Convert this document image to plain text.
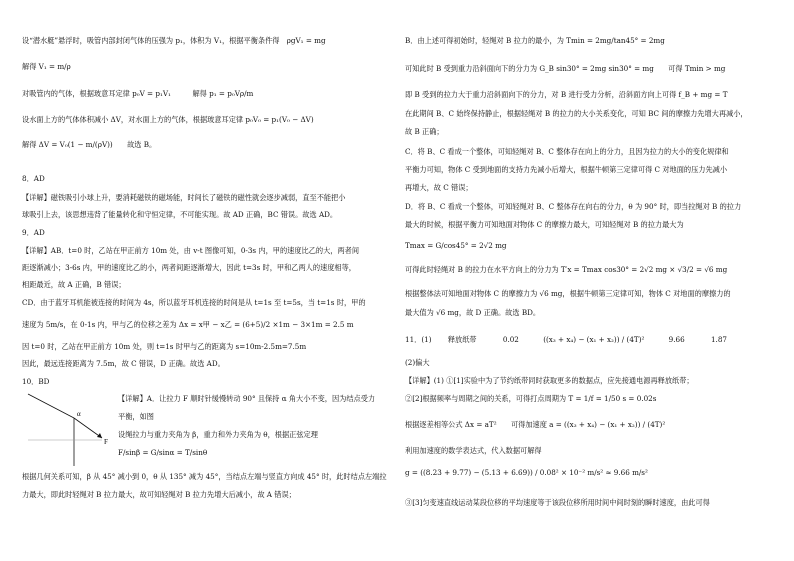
设“潜水艇”悬浮时，吸管内部封闭气体的压强为 p₁，体积为 V₁，根据平衡条件得　ρgV₁ = mg
解得 V₁ = m/ρ
对吸管内的气体，根据玻意耳定律 p₀V = p₁V₁　　　解得 p₁ = p₀Vρ/m
设水面上方的气体体积减小 ΔV，对水面上方的气体，根据玻意耳定律 p₀V₀ = p₁(V₀ − ΔV)
解得 ΔV = V₀(1 − m/(ρV))　　故选 B。
8．AD
【详解】磁铁吸引小球上升，要消耗磁铁的磁场能，时间长了磁铁的磁性就会逐步减弱，直至不能把小
球吸引上去，该思想违背了能量转化和守恒定律，不可能实现。故 AD 正确，BC 错误。故选 AD。
9．AD
【详解】AB．t=0 时，乙站在甲正前方 10m 处，由 v-t 图像可知，0-3s 内，甲的速度比乙的大，两者间
距逐渐减小；3-6s 内，甲的速度比乙的小，两者间距逐渐增大，因此 t=3s 时，甲和乙两人的速度相等，
相距最近，故 A 正确，B 错误；
CD．由于蓝牙耳机能被连接的时间为 4s，所以蓝牙耳机连接的时间是从 t=1s 至 t=5s，当 t=1s 时，甲的
速度为 5m/s，在 0-1s 内，甲与乙的位移之差为 Δx = x甲 − x乙 = (6+5)/2 ×1m − 3×1m = 2.5 m
因 t=0 时，乙站在甲正前方 10m 处，则 t=1s 时甲与乙的距离为 s=10m-2.5m=7.5m
因此，最远连接距离为 7.5m，故 C 错误，D 正确。故选 AD。
10．BD
α
F
【详解】A．让拉力 F 顺时针缓慢转动 90° 且保持 α 角大小不变，因为结点受力
平衡，如图
设绳拉力与重力夹角为 β，重力和外力夹角为 θ，根据正弦定理
F/sinβ = G/sinα = T/sinθ
根据几何关系可知，β 从 45° 减小到 0，θ 从 135° 减为 45°，当结点左端与竖直方向成 45° 时，此时结点左端拉
力最大，即此时轻绳对 B 拉力最大，故可知轻绳对 B 拉力先增大后减小，故 A 错误；
B．由上述可得初始时，轻绳对 B 拉力的最小，为 Tmin = 2mg/tan45° = 2mg
可知此时 B 受到重力沿斜面向下的分力为 G_B sin30° = 2mg sin30° = mg　　可得 Tmin > mg
即 B 受到的拉力大于重力沿斜面向下的分力，对 B 进行受力分析，沿斜面方向上可得 f_B + mg = T
在此期间 B、C 始终保持静止，根据轻绳对 B 的拉力的大小关系变化，可知 BC 间的摩擦力先增大再减小，
故 B 正确；
C．将 B、C 看成一个整体，可知轻绳对 B、C 整体存在向上的分力，且因为拉力的大小的变化规律和
平衡力可知，物体 C 受到地面的支持力先减小后增大，根据牛顿第三定律可得 C 对地面的压力先减小
再增大，故 C 错误；
D．将 B、C 看成一个整体，可知轻绳对 B、C 整体存在向右的分力，θ 为 90° 时，即当拉绳对 B 的拉力
最大的时候，根据平衡力可知地面对物体 C 的摩擦力最大，可知轻绳对 B 的拉力最大为
Tmax = G/cos45° = 2√2 mg
可得此时轻绳对 B 的拉力在水平方向上的分力为 T′x = Tmax cos30° = 2√2 mg × √3/2 = √6 mg
根据整体法可知地面对物体 C 的摩擦力为 √6 mg，根据牛顿第三定律可知，物体 C 对地面的摩擦力的
最大值为 √6 mg，故 D 正确。故选 BD。
11．(1) 释放纸带	0.02	((x₃ + x₄) − (x₁ + x₂)) / (4T)²	9.66	1.87
(2)偏大
【详解】(1) ①[1]实验中为了节约纸带同时获取更多的数据点，应先接通电源再释放纸带；
②[2]根据频率与周期之间的关系，可得打点周期为 T = 1/f = 1/50 s = 0.02s
根据逐差相等公式 Δx = aT²　　可得加速度 a = ((x₃ + x₄) − (x₁ + x₂)) / (4T)²
利用加速度的数学表达式，代入数据可解得
g = ((8.23 + 9.77) − (5.13 + 6.69)) / 0.08² × 10⁻² m/s² ≈ 9.66 m/s²
③[3]匀变速直线运动某段位移的平均速度等于该段位移所用时间中间时刻的瞬时速度，由此可得
